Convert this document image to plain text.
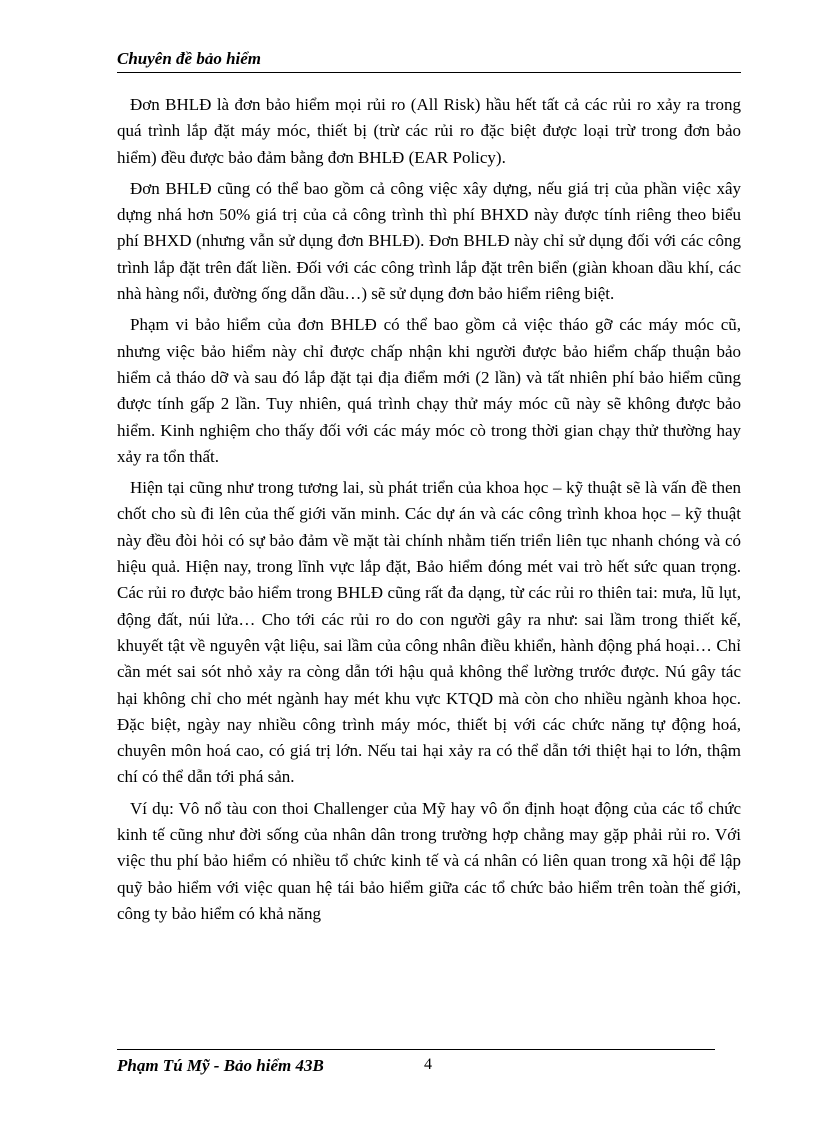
Chuyên đề bảo hiểm

Đơn BHLĐ là đơn bảo hiểm mọi rủi ro (All Risk) hầu hết tất cả các rủi ro xảy ra trong quá trình lắp đặt máy móc, thiết bị (trừ các rủi ro đặc biệt được loại trừ trong đơn bảo hiểm) đều được bảo đảm bằng đơn BHLĐ (EAR Policy).

Đơn BHLĐ cũng có thể bao gồm cả công việc xây dựng, nếu giá trị của phần việc xây dựng nhá hơn 50% giá trị của cả công trình thì phí BHXD này được tính riêng theo biểu phí BHXD (nhưng vẫn sử dụng đơn BHLĐ). Đơn BHLĐ này chỉ sử dụng đối với các công trình lắp đặt trên đất liền. Đối với các công trình lắp đặt trên biển (giàn khoan dầu khí, các nhà hàng nổi, đường ống dẫn dầu…) sẽ sử dụng đơn bảo hiểm riêng biệt.

Phạm vi bảo hiểm của đơn BHLĐ có thể bao gồm cả việc tháo gỡ các máy móc cũ, nhưng việc bảo hiểm này chỉ được chấp nhận khi người được bảo hiểm chấp thuận bảo hiểm cả tháo dỡ và sau đó lắp đặt tại địa điểm mới (2 lần) và tất nhiên phí bảo hiểm cũng được tính gấp 2 lần. Tuy nhiên, quá trình chạy thử máy móc cũ này sẽ không được bảo hiểm. Kinh nghiệm cho thấy đối với các máy móc cò trong thời gian chạy thử thường hay xảy ra tổn thất.

Hiện tại cũng như trong tương lai, sù phát triển của khoa học – kỹ thuật sẽ là vấn đề then chốt cho sù đi lên của thế giới văn minh. Các dự án và các công trình khoa học – kỹ thuật này đều đòi hỏi có sự bảo đảm về mặt tài chính nhằm tiến triển liên tục nhanh chóng và có hiệu quả. Hiện nay, trong lĩnh vực lắp đặt, Bảo hiểm đóng mét vai trò hết sức quan trọng. Các rủi ro được bảo hiểm trong BHLĐ cũng rất đa dạng, từ các rủi ro thiên tai: mưa, lũ lụt, động đất, núi lửa… Cho tới các rủi ro do con người gây ra như: sai lầm trong thiết kế, khuyết tật về nguyên vật liệu, sai lầm của công nhân điều khiển, hành động phá hoại… Chỉ cần mét sai sót nhỏ xảy ra còng dẫn tới hậu quả không thể lường trước được. Nú gây tác hại không chỉ cho mét ngành hay mét khu vực KTQD mà còn cho nhiều ngành khoa học. Đặc biệt, ngày nay nhiều công trình máy móc, thiết bị với các chức năng tự động hoá, chuyên môn hoá cao, có giá trị lớn. Nếu tai hại xảy ra có thể dẫn tới thiệt hại to lớn, thậm chí có thể dẫn tới phá sản.

Ví dụ: Vô nổ tàu con thoi Challenger của Mỹ hay vô ổn định hoạt động của các tổ chức kinh tế cũng như đời sống của nhân dân trong trường hợp chẳng may gặp phải rủi ro. Với việc thu phí bảo hiểm có nhiều tổ chức kinh tế và cá nhân có liên quan trong xã hội để lập quỹ bảo hiểm với việc quan hệ tái bảo hiểm giữa các tổ chức bảo hiểm trên toàn thế giới, công ty bảo hiểm có khả năng

Phạm Tú Mỹ - Bảo hiểm 43B	4
